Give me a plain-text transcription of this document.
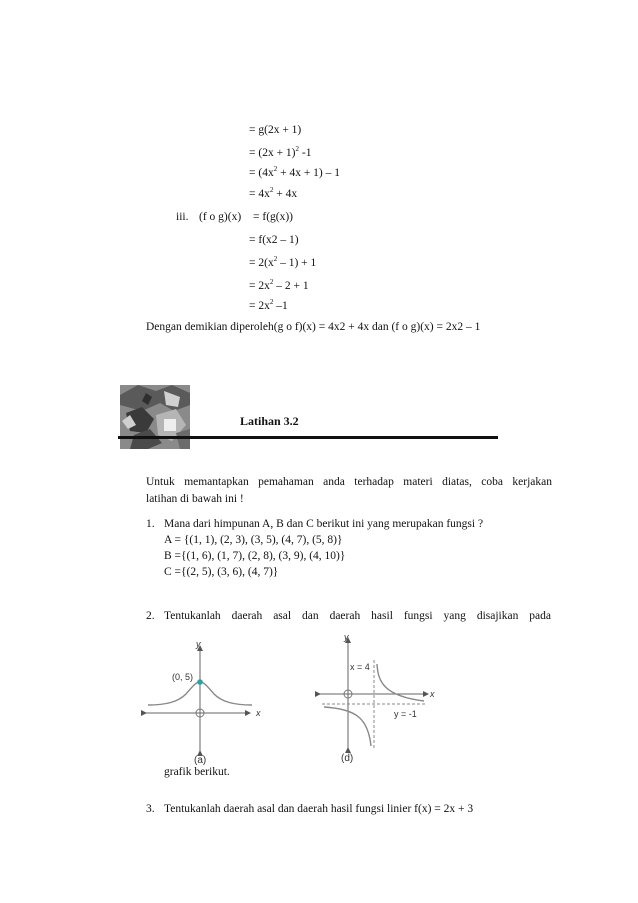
= g(2x + 1)
= $(2x + 1)^2$ -1
= $(4x^2 + 4x + 1) - 1$
= $4x^2 + 4x$
iii. (f o g)(x) = f(g(x))
= f(x2 – 1)
= $2(x^2 - 1) + 1$
= $2x^2 - 2 + 1$
= $2x^2$ –1
Dengan demikian diperoleh(g o f)(x) = 4x2 + 4x dan (f o g)(x) = 2x2 – 1
Latihan 3.2
Untuk memantapkan pemahaman anda terhadap materi diatas, coba kerjakan
latihan di bawah ini !
1. Mana dari himpunan A, B dan C berikut ini yang merupakan fungsi ?
A = {(1, 1), (2, 3), (3, 5), (4, 7), (5, 8)}
B ={(1, 6), (1, 7), (2, 8), (3, 9), (4, 10)}
C ={(2, 5), (3, 6), (4, 7)}
2. Tentukanlah daerah asal dan daerah hasil fungsi yang disajikan pada
(0, 5)
y
x
(a)
y
x
x = 4
y = -1
(d)
grafik berikut.
3. Tentukanlah daerah asal dan daerah hasil fungsi linier f(x) = 2x + 3
